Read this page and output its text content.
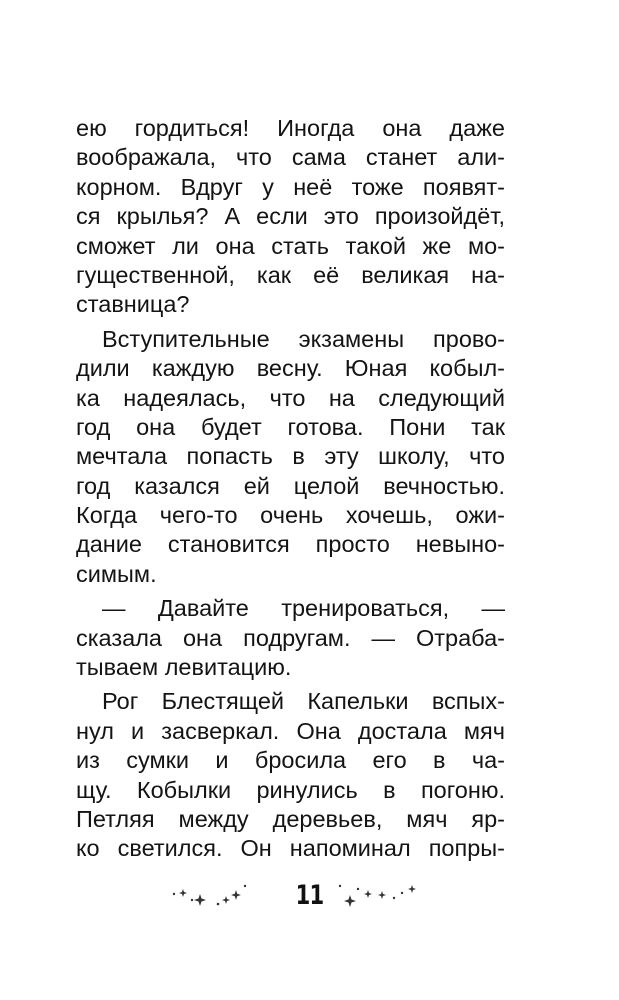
ею гордиться! Иногда она даже
воображала, что сама станет али-
корном. Вдруг у неё тоже появят-
ся крылья? А если это произойдёт,
сможет ли она стать такой же мо-
гущественной, как её великая на-
ставница?
Вступительные экзамены прово-
дили каждую весну. Юная кобыл-
ка надеялась, что на следующий
год она будет готова. Пони так
мечтала попасть в эту школу, что
год казался ей целой вечностью.
Когда чего-то очень хочешь, ожи-
дание становится просто невыно-
симым.
— Давайте тренироваться, —
сказала она подругам. — Отраба-
тываем левитацию.
Рог Блестящей Капельки вспых-
нул и засверкал. Она достала мяч
из сумки и бросила его в ча-
щу. Кобылки ринулись в погоню.
Петляя между деревьев, мяч яр-
ко светился. Он напоминал попры-
11
